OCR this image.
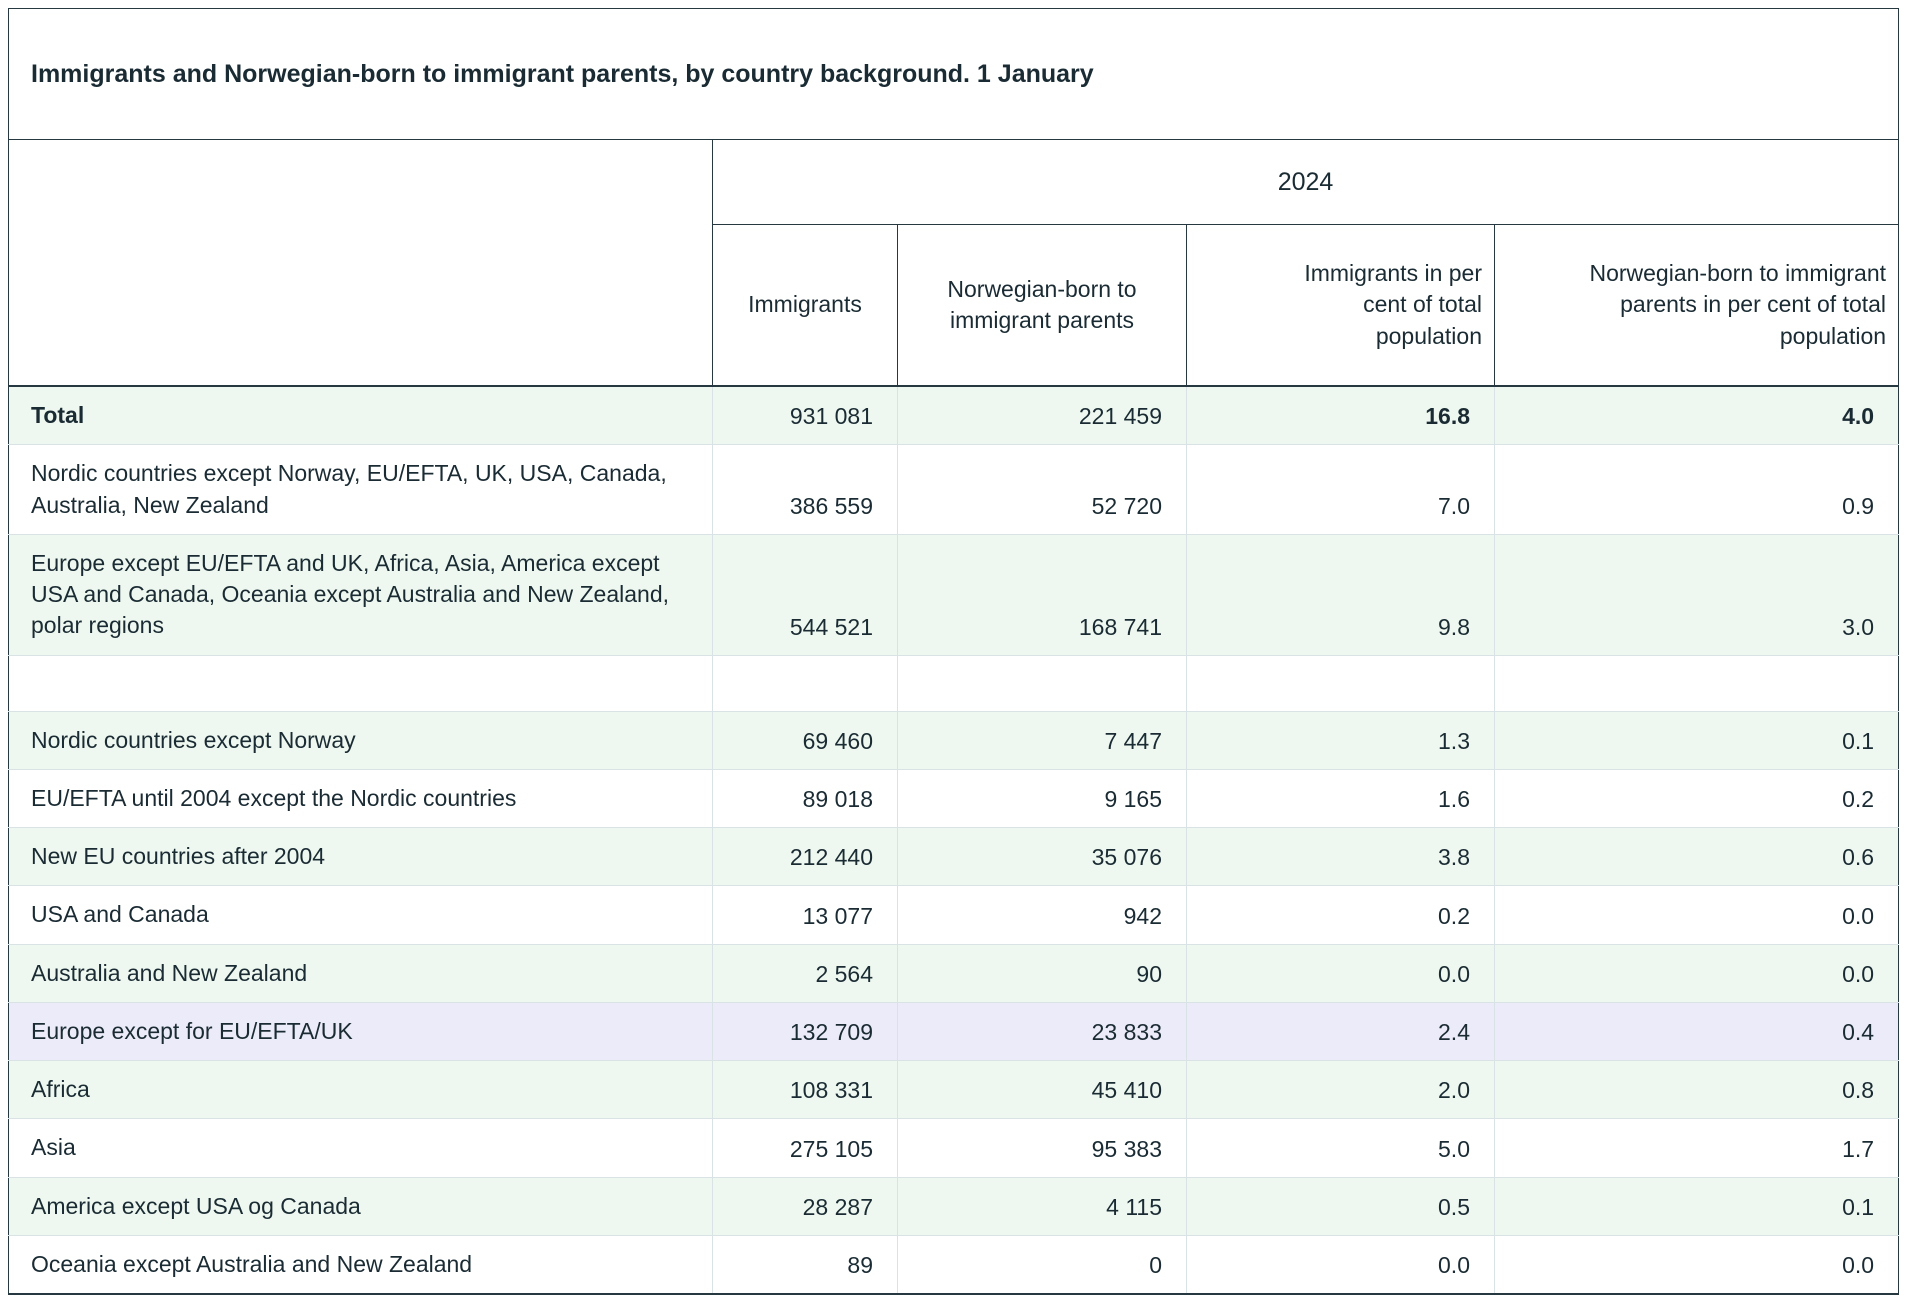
Immigrants and Norwegian-born to immigrant parents, by country background. 1 January				
	2024			
	Immigrants	Norwegian-born to immigrant parents	Immigrants in per cent of total population	Norwegian-born to immigrant parents in per cent of total population
Total	931 081	221 459	16.8	4.0
Nordic countries except Norway, EU/EFTA, UK, USA, Canada, Australia, New Zealand	386 559	52 720	7.0	0.9
Europe except EU/EFTA and UK, Africa, Asia, America except USA and Canada, Oceania except Australia and New Zealand, polar regions	544 521	168 741	9.8	3.0

Nordic countries except Norway	69 460	7 447	1.3	0.1
EU/EFTA until 2004 except the Nordic countries	89 018	9 165	1.6	0.2
New EU countries after 2004	212 440	35 076	3.8	0.6
USA and Canada	13 077	942	0.2	0.0
Australia and New Zealand	2 564	90	0.0	0.0
Europe except for EU/EFTA/UK	132 709	23 833	2.4	0.4
Africa	108 331	45 410	2.0	0.8
Asia	275 105	95 383	5.0	1.7
America except USA og Canada	28 287	4 115	0.5	0.1
Oceania except Australia and New Zealand	89	0	0.0	0.0
